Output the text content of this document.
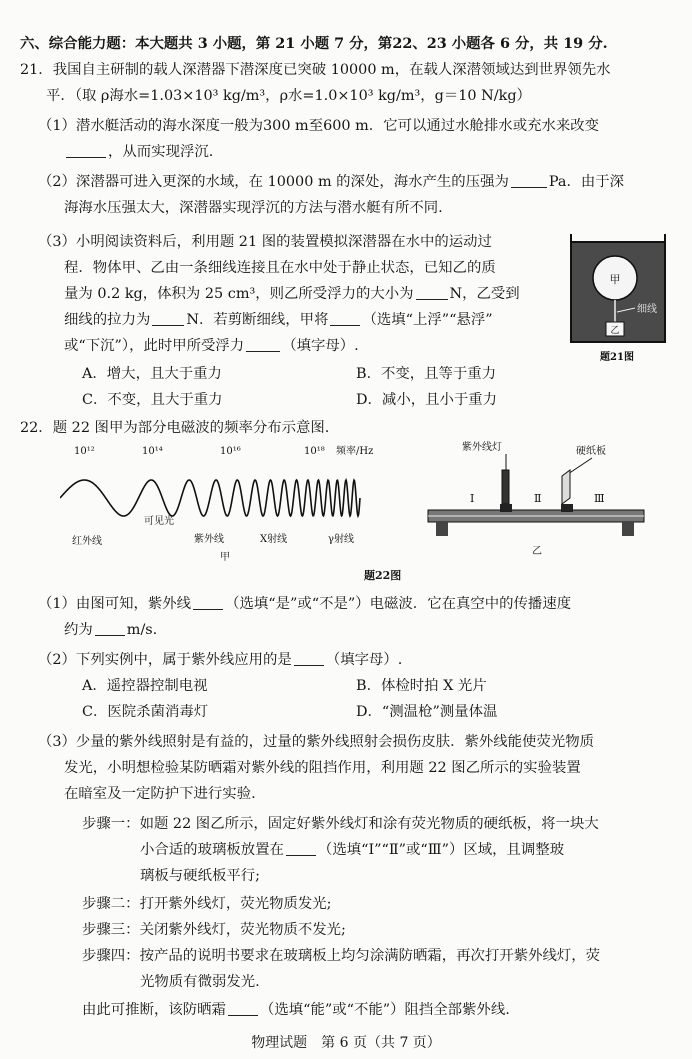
六、综合能力题：本大题共 3 小题，第 21 小题 7 分，第22、23 小题各 6 分，共 19 分.
21．我国自主研制的载人深潜器下潜深度已突破 10000 m，在载人深潜领域达到世界领先水
平．（取 ρ海水=1.03×10³ kg/m³，ρ水=1.0×10³ kg/m³，g＝10 N/kg）
（1）潜水艇活动的海水深度一般为300 m至600 m．它可以通过水舱排水或充水来改变
，从而实现浮沉.
（2）深潜器可进入更深的水域，在 10000 m 的深处，海水产生的压强为	Pa．由于深
海海水压强太大，深潜器实现浮沉的方法与潜水艇有所不同.
（3）小明阅读资料后，利用题 21 图的装置模拟深潜器在水中的运动过
程．物体甲、乙由一条细线连接且在水中处于静止状态，已知乙的质
量为 0.2 kg，体积为 25 cm³，则乙所受浮力的大小为	N，乙受到
细线的拉力为	N．若剪断细线，甲将 （选填“上浮”“悬浮”
或“下沉”），此时甲所受浮力	（填字母）.
A．增大，且大于重力	B．不变，且等于重力
C．不变，且大于重力	D．减小，且小于重力
甲
乙
细线
题21图
22．题 22 图甲为部分电磁波的频率分布示意图.
10¹²	10¹⁴	10¹⁶	10¹⁸ 频率/Hz
可见光
红外线	紫外线	X射线	γ射线
甲
紫外线灯	硬纸板
Ⅰ	Ⅱ	Ⅲ
乙
题22图
（1）由图可知，紫外线 （选填“是”或“不是”）电磁波．它在真空中的传播速度
约为 m/s.
（2）下列实例中，属于紫外线应用的是 （填字母）.
A．遥控器控制电视	B．体检时拍 X 光片
C．医院杀菌消毒灯	D．“测温枪”测量体温
（3）少量的紫外线照射是有益的，过量的紫外线照射会损伤皮肤．紫外线能使荧光物质
发光，小明想检验某防晒霜对紫外线的阻挡作用，利用题 22 图乙所示的实验装置
在暗室及一定防护下进行实验.
步骤一：如题 22 图乙所示，固定好紫外线灯和涂有荧光物质的硬纸板，将一块大
小合适的玻璃板放置在 （选填“Ⅰ”“Ⅱ”或“Ⅲ”）区域，且调整玻
璃板与硬纸板平行;
步骤二：打开紫外线灯，荧光物质发光;
步骤三：关闭紫外线灯，荧光物质不发光;
步骤四：按产品的说明书要求在玻璃板上均匀涂满防晒霜，再次打开紫外线灯，荧
光物质有微弱发光.
由此可推断，该防晒霜 （选填“能”或“不能”）阻挡全部紫外线.
物理试题　第 6 页（共 7 页）
